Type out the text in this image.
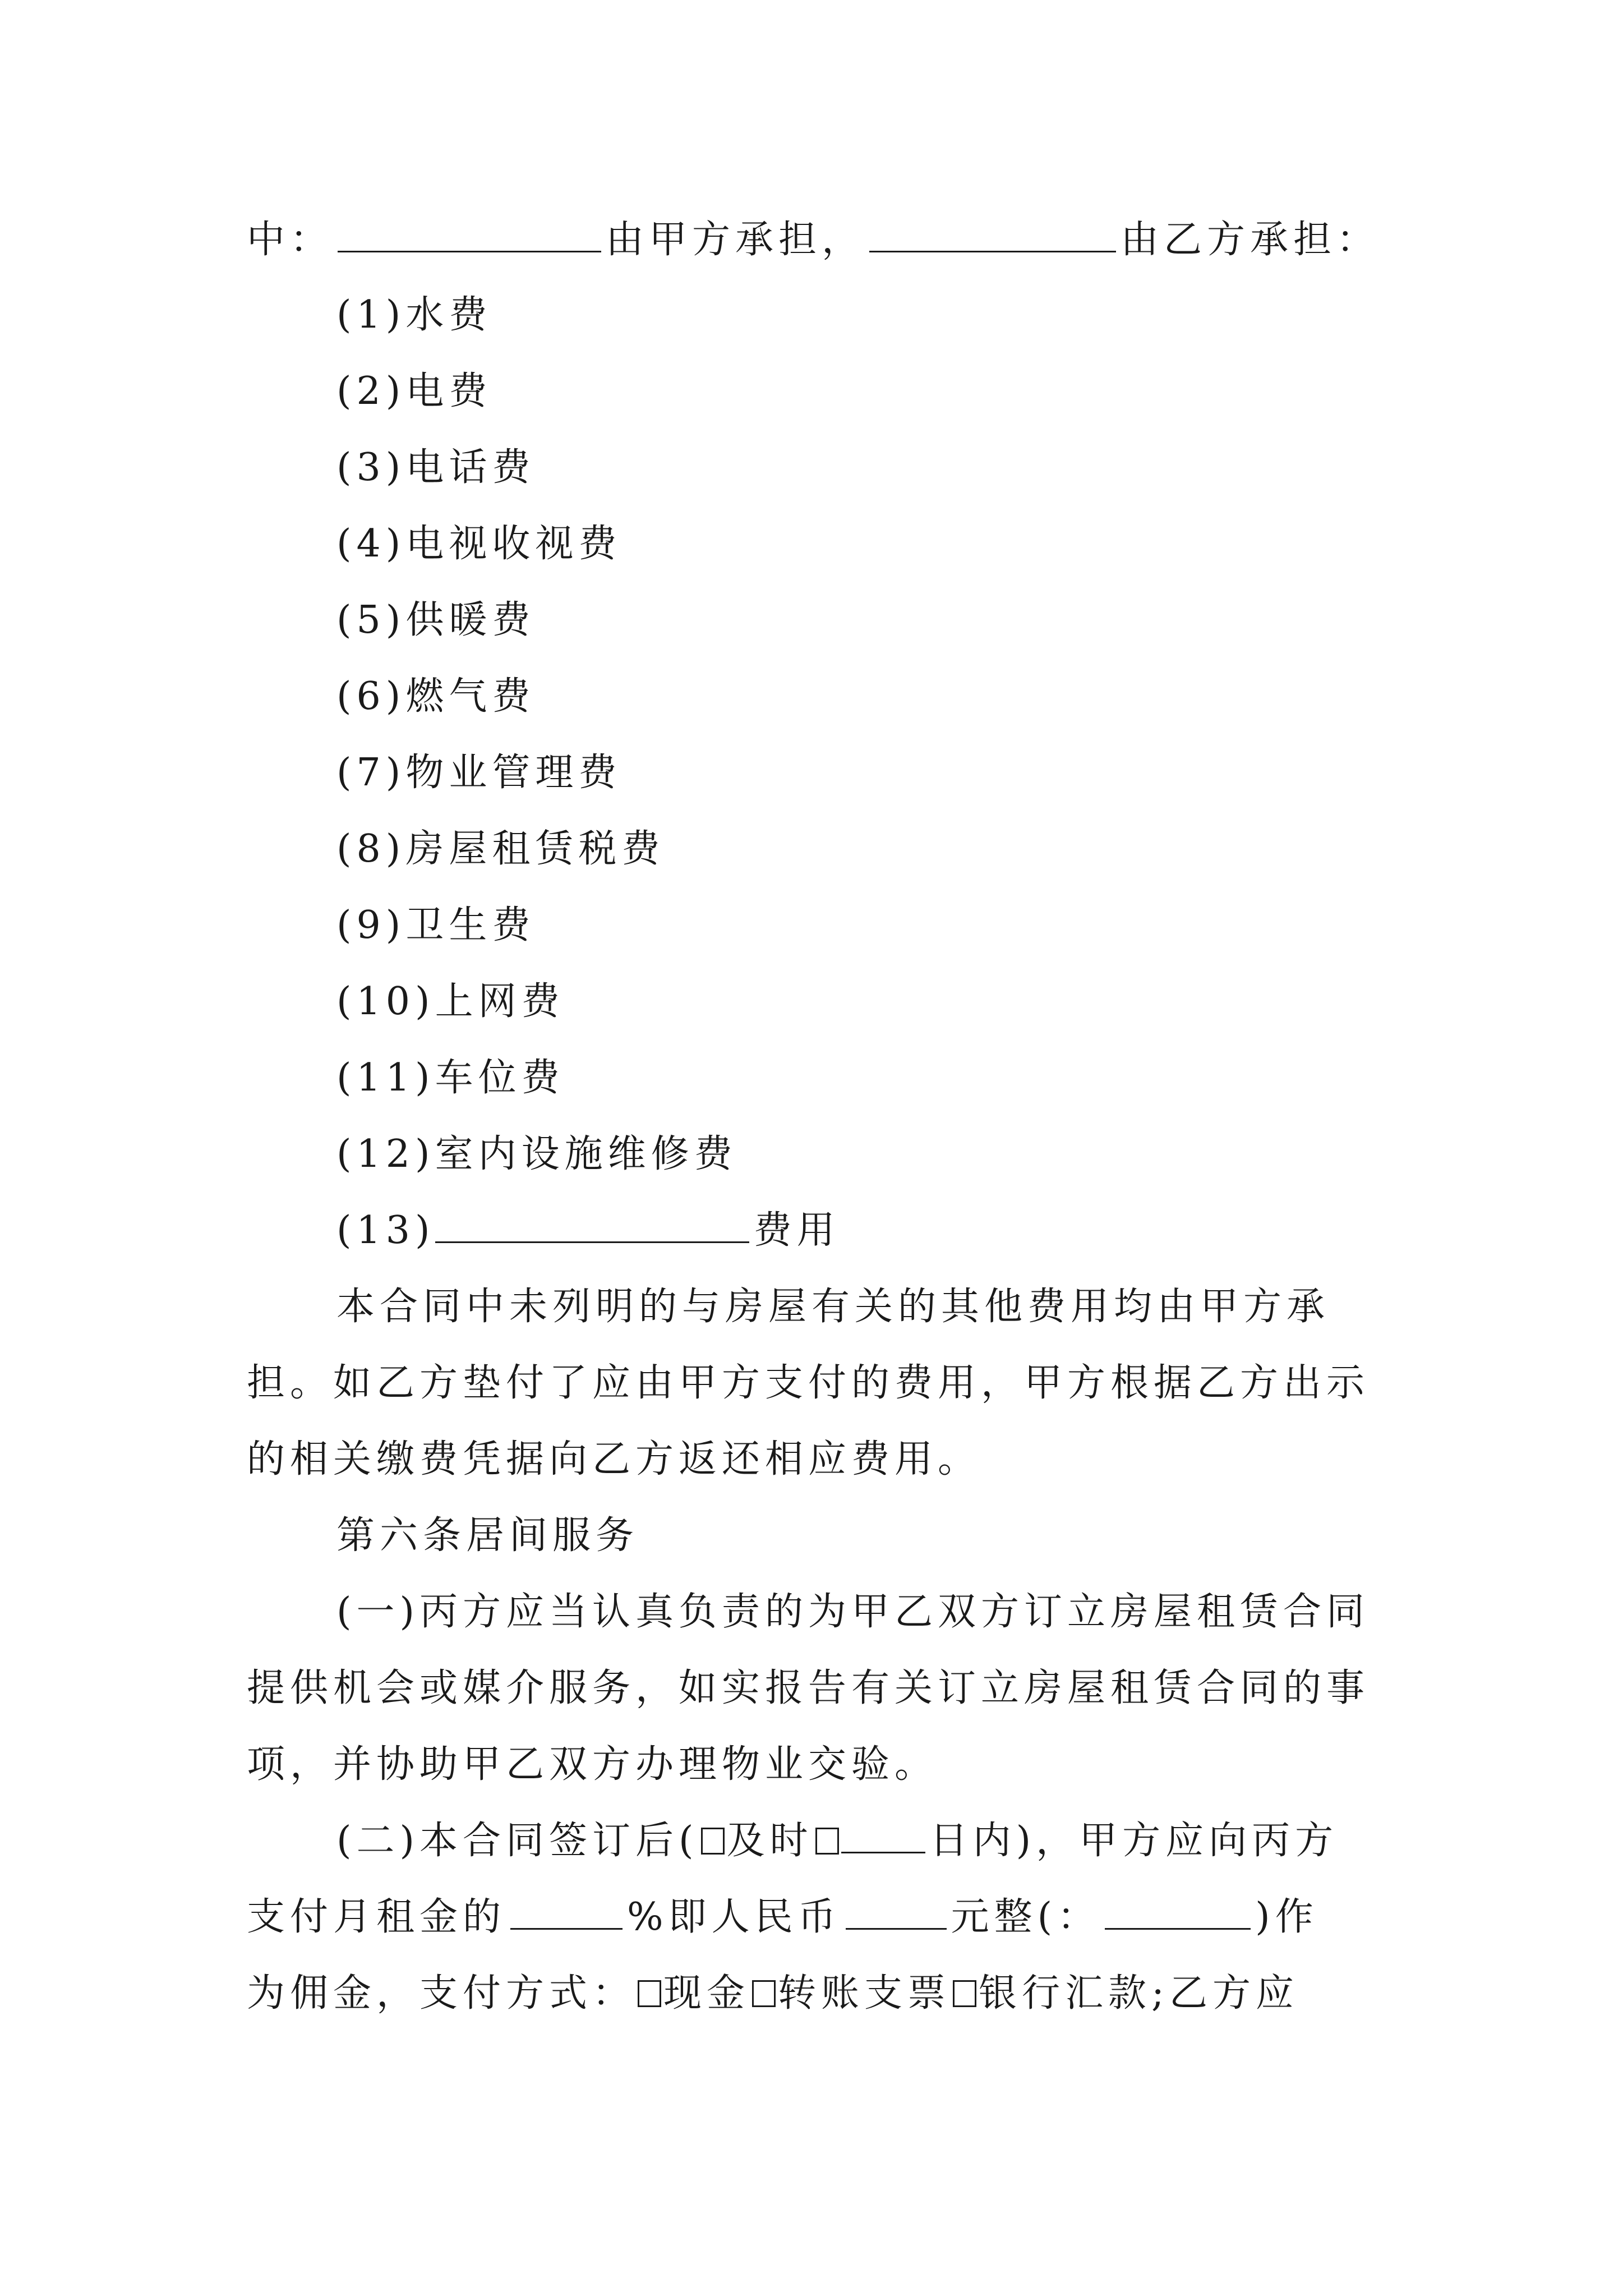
中：	由甲方承担，	由乙方承担：
(1)水费
(2)电费
(3)电话费
(4)电视收视费
(5)供暖费
(6)燃气费
(7)物业管理费
(8)房屋租赁税费
(9)卫生费
(10)上网费
(11)车位费
(12)室内设施维修费
(13)	费用
本合同中未列明的与房屋有关的其他费用均由甲方承
担。如乙方垫付了应由甲方支付的费用，甲方根据乙方出示
的相关缴费凭据向乙方返还相应费用。
第六条居间服务
(一)丙方应当认真负责的为甲乙双方订立房屋租赁合同
提供机会或媒介服务，如实报告有关订立房屋租赁合同的事
项，并协助甲乙双方办理物业交验。
(二)本合同签订后( 及时	日内)，甲方应向丙方
支付月租金的	%即人民币	元整(：	)作
为佣金，支付方式： 现金 转账支票 银行汇款;乙方应
